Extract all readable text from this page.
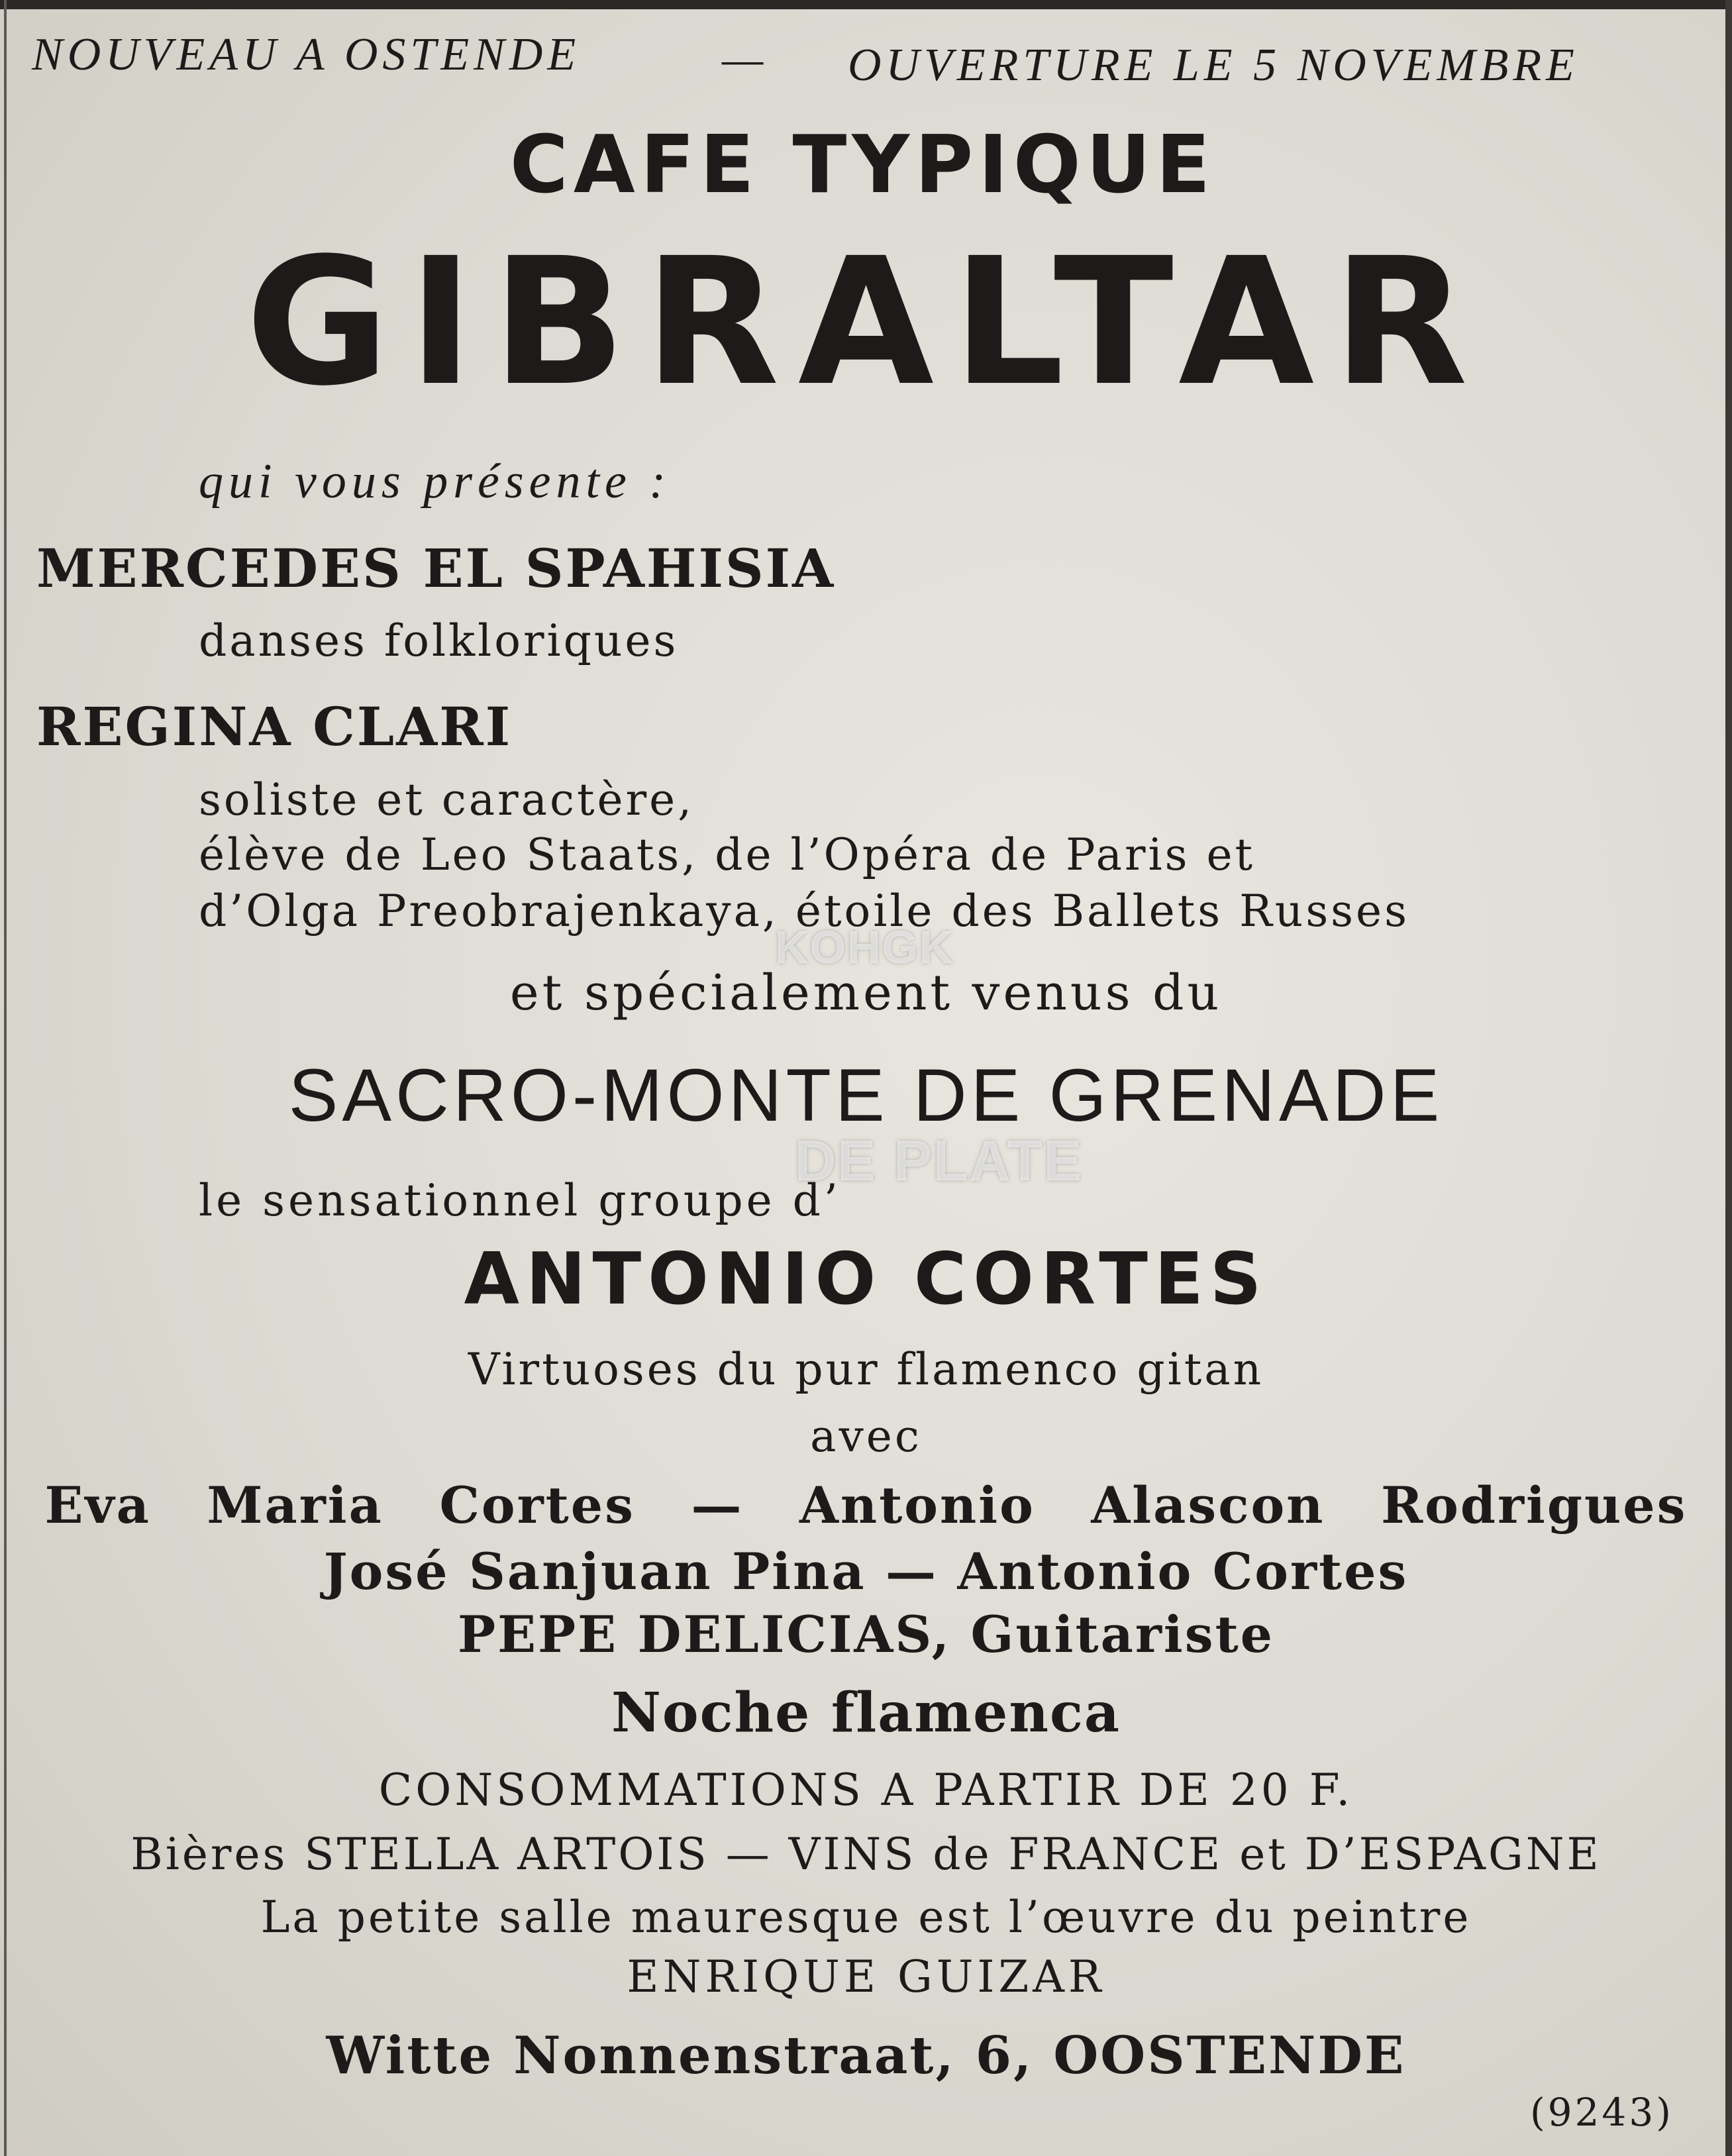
NOUVEAU A OSTENDE	— OUVERTURE LE 5 NOVEMBRE
CAFE TYPIQUE
GIBRALTAR
qui vous présente :
MERCEDES EL SPAHISIA
danses folkloriques
REGINA CLARI
soliste et caractère,
élève de Leo Staats, de l’Opéra de Paris et
d’Olga Preobrajenkaya, étoile des Ballets Russes
et spécialement venus du
SACRO-MONTE DE GRENADE
le sensationnel groupe d’
ANTONIO CORTES
Virtuoses du pur flamenco gitan
avec
Eva Maria Cortes — Antonio Alascon Rodrigues
José Sanjuan Pina — Antonio Cortes
PEPE DELICIAS, Guitariste
Noche flamenca
CONSOMMATIONS A PARTIR DE 20 F.
Bières STELLA ARTOIS — VINS de FRANCE et D’ESPAGNE
La petite salle mauresque est l’œuvre du peintre
ENRIQUE GUIZAR
Witte Nonnenstraat, 6, OOSTENDE
(9243)
KOHGK
DE PLATE
